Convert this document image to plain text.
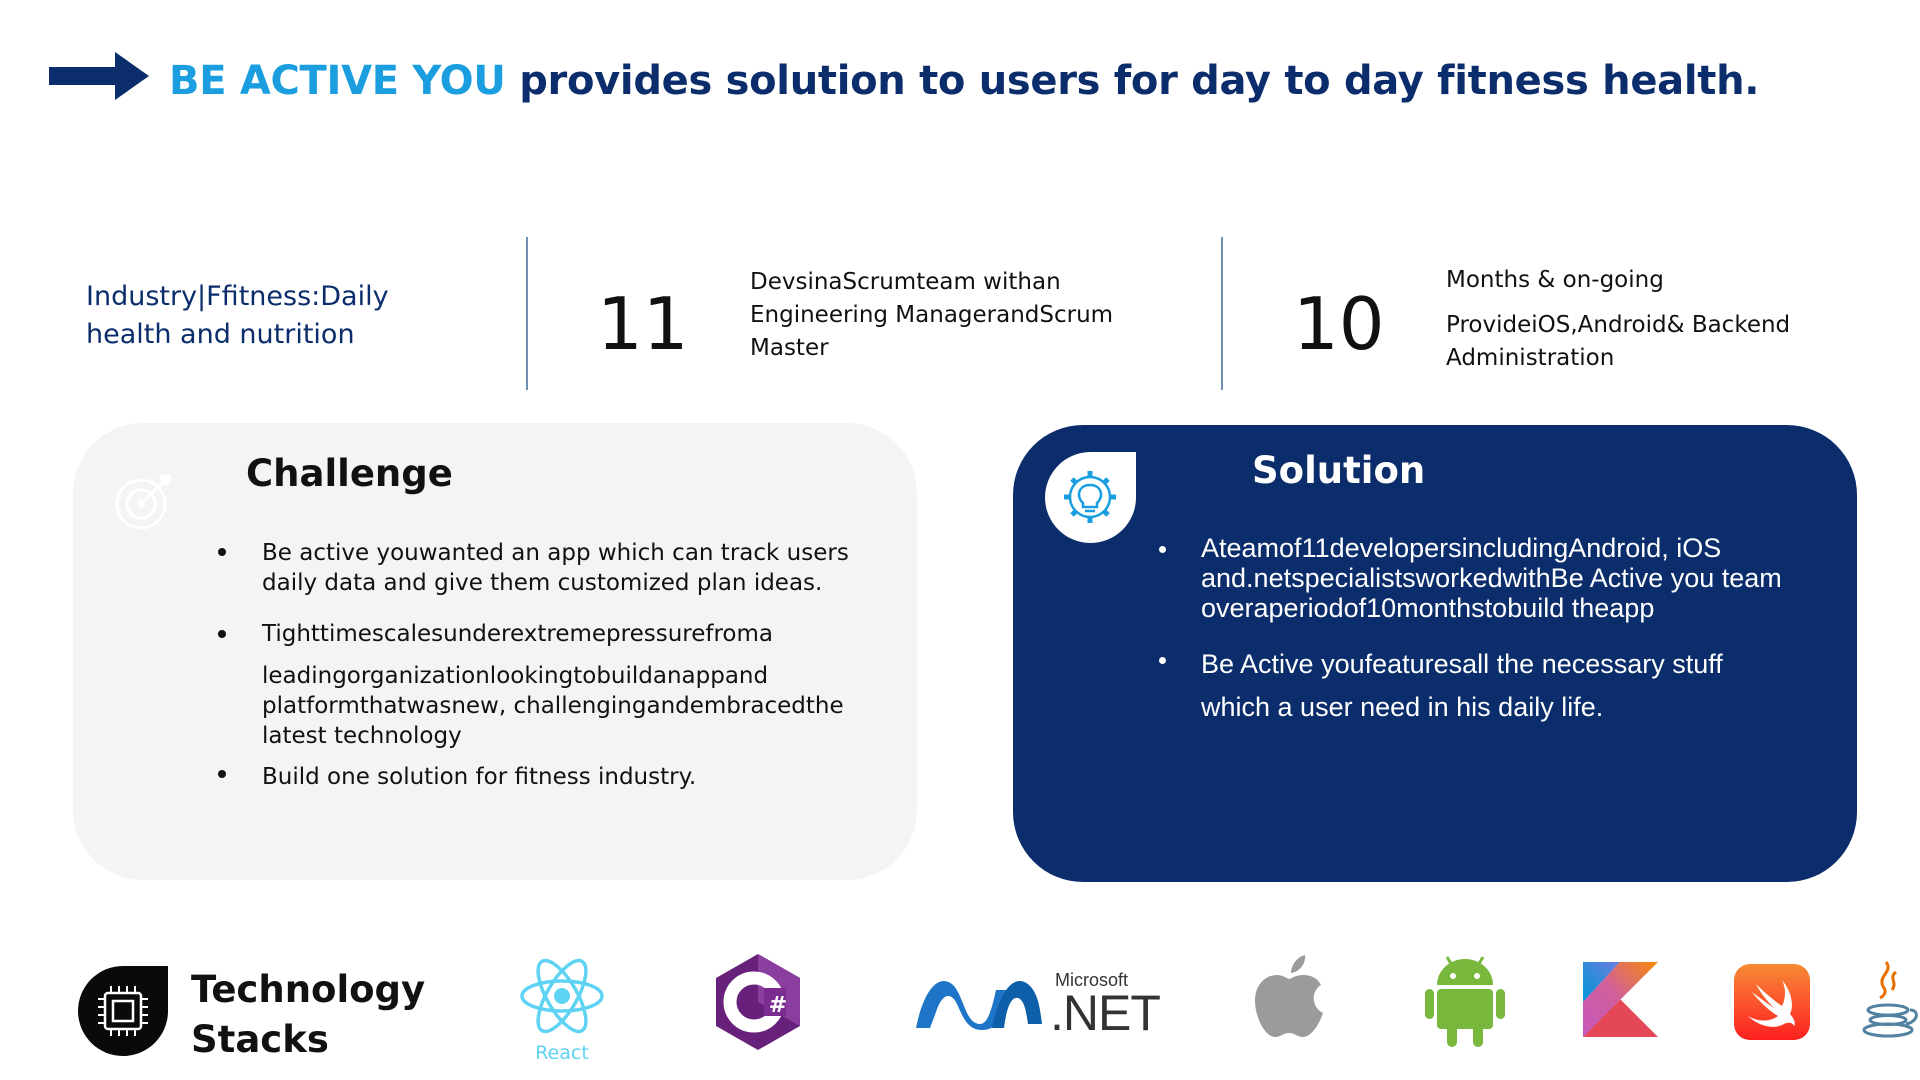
BE ACTIVE YOU provides solution to users for day to day fitness health.
Industry|Ffitness:Daily
health and nutrition	11	DevsinaScrumteam withan
Engineering ManagerandScrum
Master	10
Months & on-going
ProvideiOS,Android& Backend
Administration
Challenge
Be active youwanted an app which can track users
daily data and give them customized plan ideas.
Tighttimescalesunderextremepressurefroma
leadingorganizationlookingtobuildanappand
platformthatwasnew, challengingandembracedthe
latest technology
Build one solution for fitness industry.
Solution
Ateamof11developersincludingAndroid, iOS
and.netspecialistsworkedwithBe Active you team
overaperiodof10monthstobuild theapp
Be Active youfeaturesall the necessary stuff
which a user need in his daily life.
Technology
Stacks	React
#
C#
Microsoft
.NET
